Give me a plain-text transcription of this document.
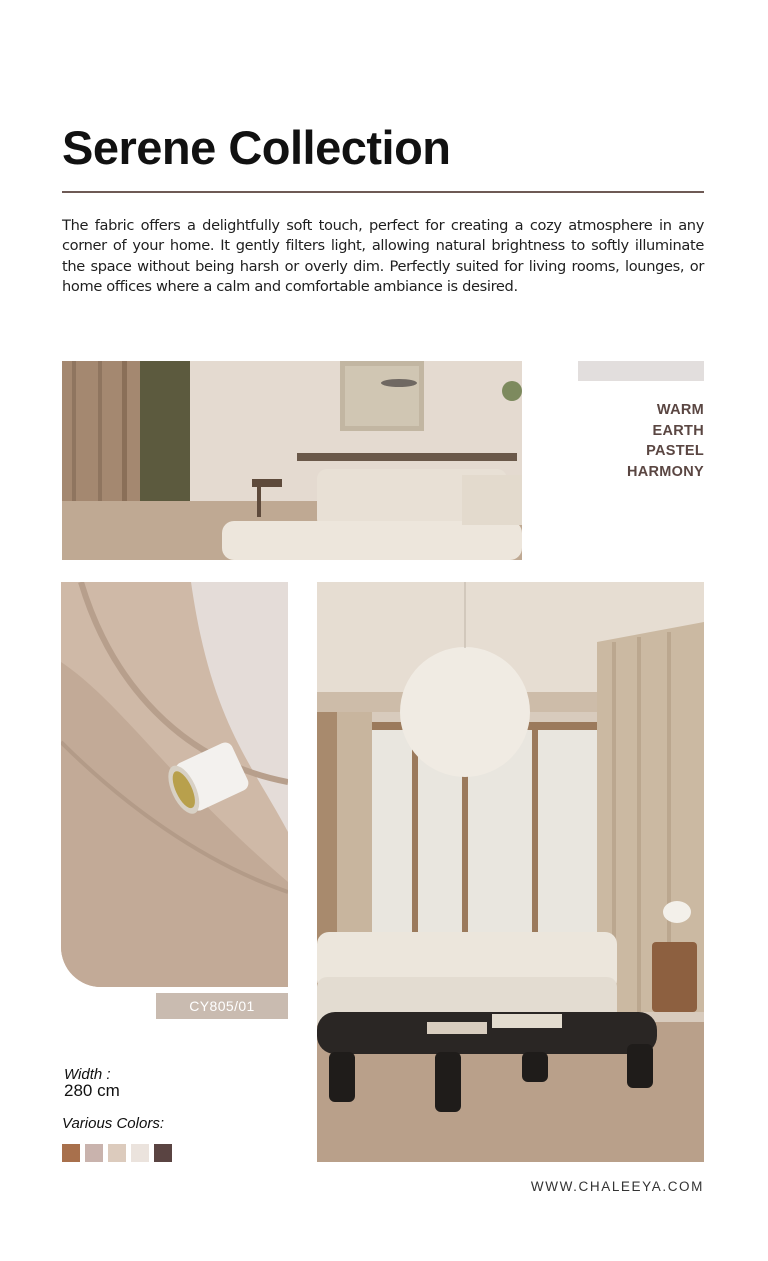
Serene Collection

The fabric offers a delightfully soft touch, perfect for creating a cozy atmosphere in any corner of your home. It gently filters light, allowing natural brightness to softly illuminate the space without being harsh or overly dim. Perfectly suited for living rooms, lounges, or home offices where a calm and comfortable ambiance is desired.

WARM
EARTH
PASTEL
HARMONY
CY805/01
Width :
280 cm
Various Colors:
WWW.CHALEEYA.COM
